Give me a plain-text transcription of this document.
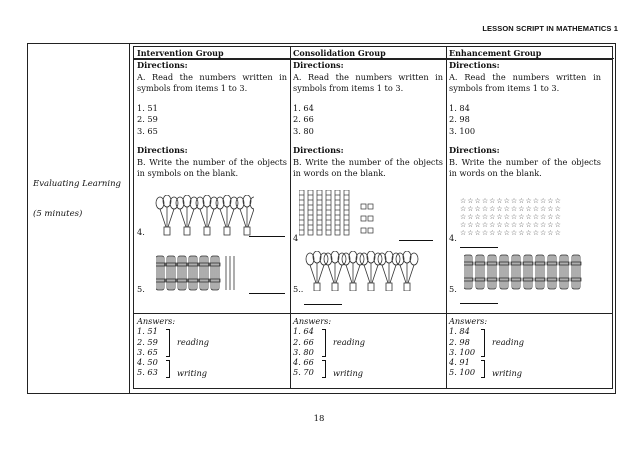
LESSON SCRIPT IN MATHEMATICS 1
Evaluating Learning
(5 minutes)
Intervention Group
Directions:
A. Read the numbers written in
symbols from items 1 to 3.
1. 51
2. 59
3. 65
Directions:
B. Write the number of the objects
in symbols on the blank.
4.
5.
Answers:
1. 51
2. 59
3. 65
4. 50
5. 63
reading
writing
Consolidation Group
Directions:
A. Read the numbers written in
symbols from items 1 to 3.
1. 64
2. 66
3. 80
Directions:
B. Write the number of the objects
in words on the blank.
4
5..
Answers:
1. 64
2. 66
3. 80
4. 66
5. 70
reading
writing
Enhancement Group
Directions:
A. Read the numbers written in
symbols from items 1 to 3.
1. 84
2. 98
3. 100
Directions:
B. Write the number of the objects
in words on the blank.
☆☆☆☆☆☆☆☆☆☆☆☆☆☆
☆☆☆☆☆☆☆☆☆☆☆☆☆☆
☆☆☆☆☆☆☆☆☆☆☆☆☆☆
☆☆☆☆☆☆☆☆☆☆☆☆☆☆
☆☆☆☆☆☆☆☆☆☆☆☆☆☆
4.
5.
Answers:
1. 84
2. 98
3. 100
4. 91
5. 100
reading
writing
18
